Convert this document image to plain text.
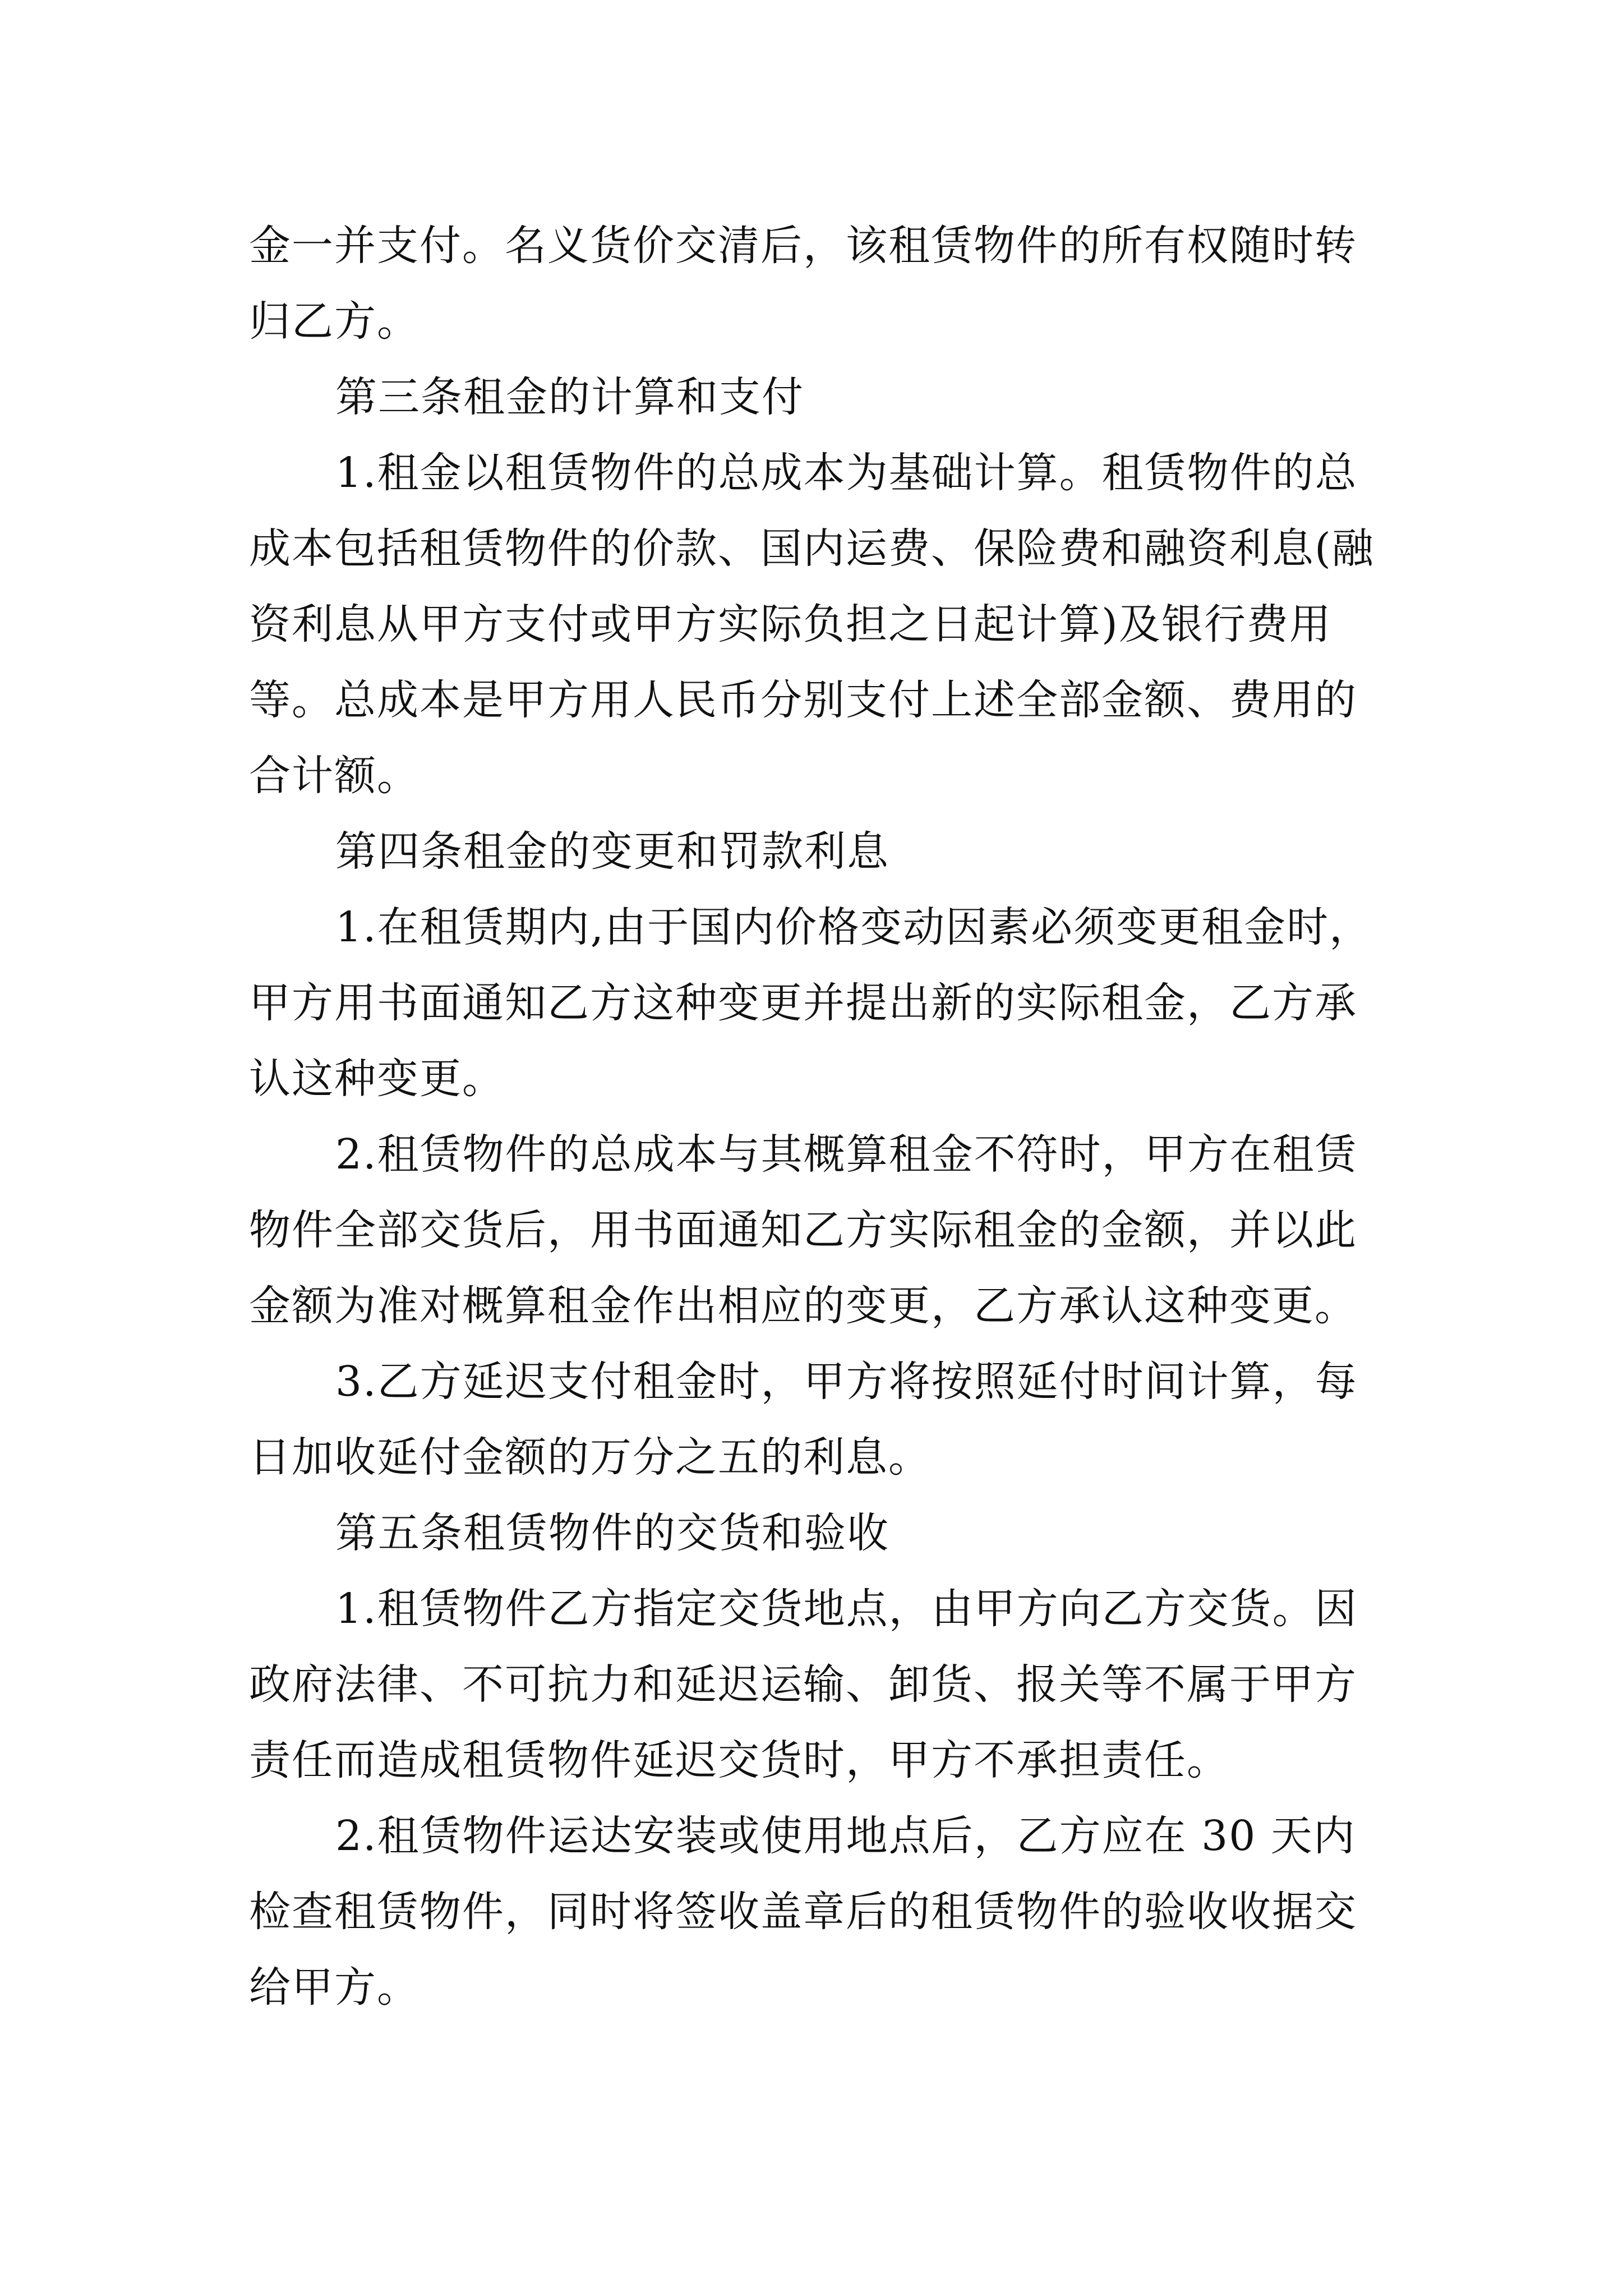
金一并支付。名义货价交清后，该租赁物件的所有权随时转

归乙方。

第三条租金的计算和支付

1.租金以租赁物件的总成本为基础计算。租赁物件的总

成本包括租赁物件的价款、国内运费、保险费和融资利息(融

资利息从甲方支付或甲方实际负担之日起计算)及银行费用

等。总成本是甲方用人民币分别支付上述全部金额、费用的

合计额。

第四条租金的变更和罚款利息

1.在租赁期内,由于国内价格变动因素必须变更租金时，

甲方用书面通知乙方这种变更并提出新的实际租金，乙方承

认这种变更。

2.租赁物件的总成本与其概算租金不符时，甲方在租赁

物件全部交货后，用书面通知乙方实际租金的金额，并以此

金额为准对概算租金作出相应的变更，乙方承认这种变更。

3.乙方延迟支付租金时，甲方将按照延付时间计算，每

日加收延付金额的万分之五的利息。

第五条租赁物件的交货和验收

1.租赁物件乙方指定交货地点，由甲方向乙方交货。因

政府法律、不可抗力和延迟运输、卸货、报关等不属于甲方

责任而造成租赁物件延迟交货时，甲方不承担责任。

2.租赁物件运达安装或使用地点后，乙方应在 30 天内

检查租赁物件，同时将签收盖章后的租赁物件的验收收据交

给甲方。
